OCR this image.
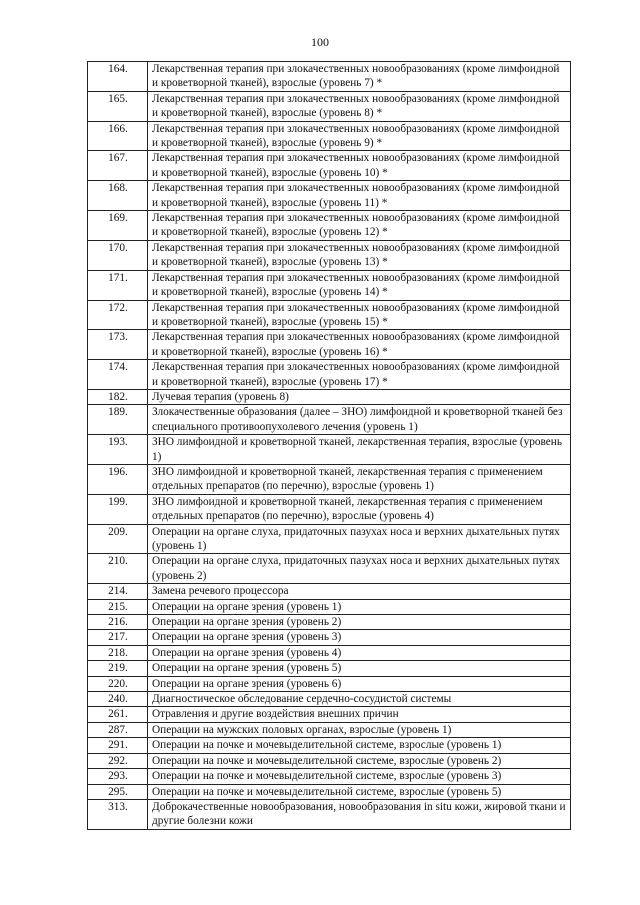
100
164.	Лекарственная терапия при злокачественных новообразованиях (кроме лимфоидной и кроветворной тканей), взрослые (уровень 7) *
165.	Лекарственная терапия при злокачественных новообразованиях (кроме лимфоидной и кроветворной тканей), взрослые (уровень 8) *
166.	Лекарственная терапия при злокачественных новообразованиях (кроме лимфоидной и кроветворной тканей), взрослые (уровень 9) *
167.	Лекарственная терапия при злокачественных новообразованиях (кроме лимфоидной и кроветворной тканей), взрослые (уровень 10) *
168.	Лекарственная терапия при злокачественных новообразованиях (кроме лимфоидной и кроветворной тканей), взрослые (уровень 11) *
169.	Лекарственная терапия при злокачественных новообразованиях (кроме лимфоидной и кроветворной тканей), взрослые (уровень 12) *
170.	Лекарственная терапия при злокачественных новообразованиях (кроме лимфоидной и кроветворной тканей), взрослые (уровень 13) *
171.	Лекарственная терапия при злокачественных новообразованиях (кроме лимфоидной и кроветворной тканей), взрослые (уровень 14) *
172.	Лекарственная терапия при злокачественных новообразованиях (кроме лимфоидной и кроветворной тканей), взрослые (уровень 15) *
173.	Лекарственная терапия при злокачественных новообразованиях (кроме лимфоидной и кроветворной тканей), взрослые (уровень 16) *
174.	Лекарственная терапия при злокачественных новообразованиях (кроме лимфоидной и кроветворной тканей), взрослые (уровень 17) *
182.	Лучевая терапия (уровень 8)
189.	Злокачественные образования (далее – ЗНО) лимфоидной и кроветворной тканей без специального противоопухолевого лечения (уровень 1)
193.	ЗНО лимфоидной и кроветворной тканей, лекарственная терапия, взрослые (уровень 1)
196.	ЗНО лимфоидной и кроветворной тканей, лекарственная терапия с применением отдельных препаратов (по перечню), взрослые (уровень 1)
199.	ЗНО лимфоидной и кроветворной тканей, лекарственная терапия с применением отдельных препаратов (по перечню), взрослые (уровень 4)
209.	Операции на органе слуха, придаточных пазухах носа и верхних дыхательных путях (уровень 1)
210.	Операции на органе слуха, придаточных пазухах носа и верхних дыхательных путях (уровень 2)
214.	Замена речевого процессора
215.	Операции на органе зрения (уровень 1)
216.	Операции на органе зрения (уровень 2)
217.	Операции на органе зрения (уровень 3)
218.	Операции на органе зрения (уровень 4)
219.	Операции на органе зрения (уровень 5)
220.	Операции на органе зрения (уровень 6)
240.	Диагностическое обследование сердечно-сосудистой системы
261.	Отравления и другие воздействия внешних причин
287.	Операции на мужских половых органах, взрослые (уровень 1)
291.	Операции на почке и мочевыделительной системе, взрослые (уровень 1)
292.	Операции на почке и мочевыделительной системе, взрослые (уровень 2)
293.	Операции на почке и мочевыделительной системе, взрослые (уровень 3)
295.	Операции на почке и мочевыделительной системе, взрослые (уровень 5)
313.	Доброкачественные новообразования, новообразования in situ кожи, жировой ткани и другие болезни кожи
